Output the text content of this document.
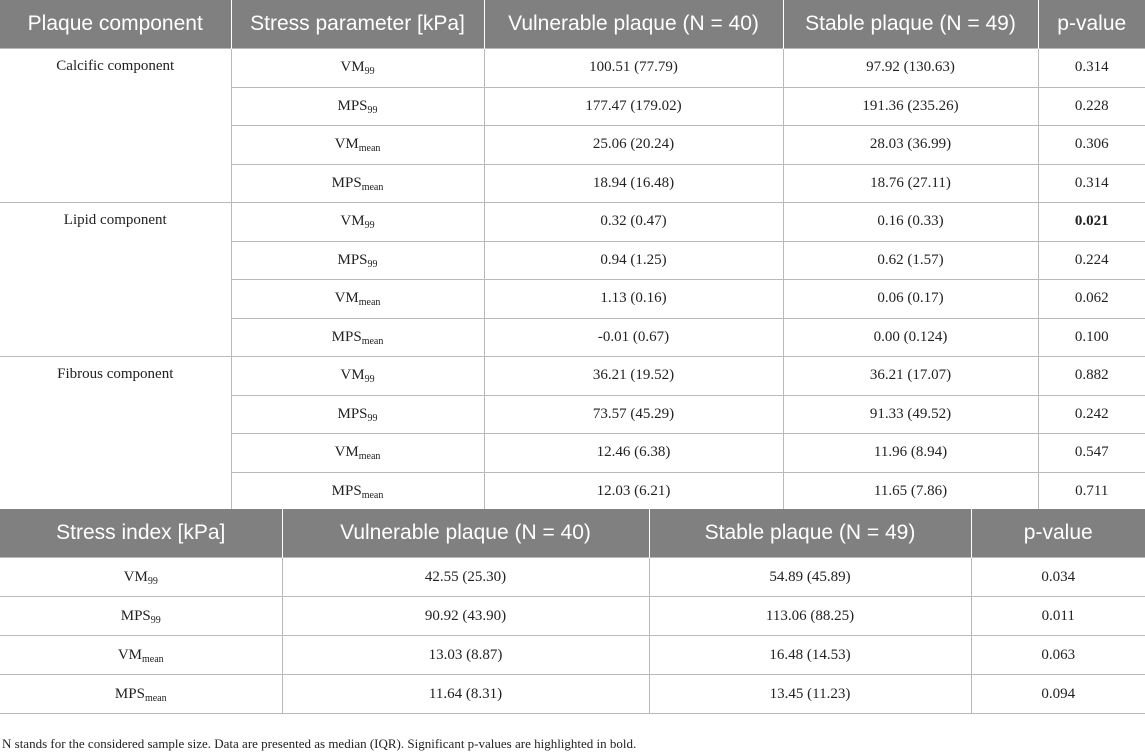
Plaque component	Stress parameter [kPa]	Vulnerable plaque (N = 40)	Stable plaque (N = 49)	p-value
Calcific component	$VM_{99}$	100.51 (77.79)	97.92 (130.63)	0.314
	$MPS_{99}$	177.47 (179.02)	191.36 (235.26)	0.228
	$VM_{mean}$	25.06 (20.24)	28.03 (36.99)	0.306
	$MPS_{mean}$	18.94 (16.48)	18.76 (27.11)	0.314
Lipid component	$VM_{99}$	0.32 (0.47)	0.16 (0.33)	0.021
	$MPS_{99}$	0.94 (1.25)	0.62 (1.57)	0.224
	$VM_{mean}$	1.13 (0.16)	0.06 (0.17)	0.062
	$MPS_{mean}$	-0.01 (0.67)	0.00 (0.124)	0.100
Fibrous component	$VM_{99}$	36.21 (19.52)	36.21 (17.07)	0.882
	$MPS_{99}$	73.57 (45.29)	91.33 (49.52)	0.242
	$VM_{mean}$	12.46 (6.38)	11.96 (8.94)	0.547
	$MPS_{mean}$	12.03 (6.21)	11.65 (7.86)	0.711
Stress index [kPa]	Vulnerable plaque (N = 40)	Stable plaque (N = 49)	p-value
$VM_{99}$	42.55 (25.30)	54.89 (45.89)	0.034
$MPS_{99}$	90.92 (43.90)	113.06 (88.25)	0.011
$VM_{mean}$	13.03 (8.87)	16.48 (14.53)	0.063
$MPS_{mean}$	11.64 (8.31)	13.45 (11.23)	0.094
N stands for the considered sample size. Data are presented as median (IQR). Significant p-values are highlighted in bold.
